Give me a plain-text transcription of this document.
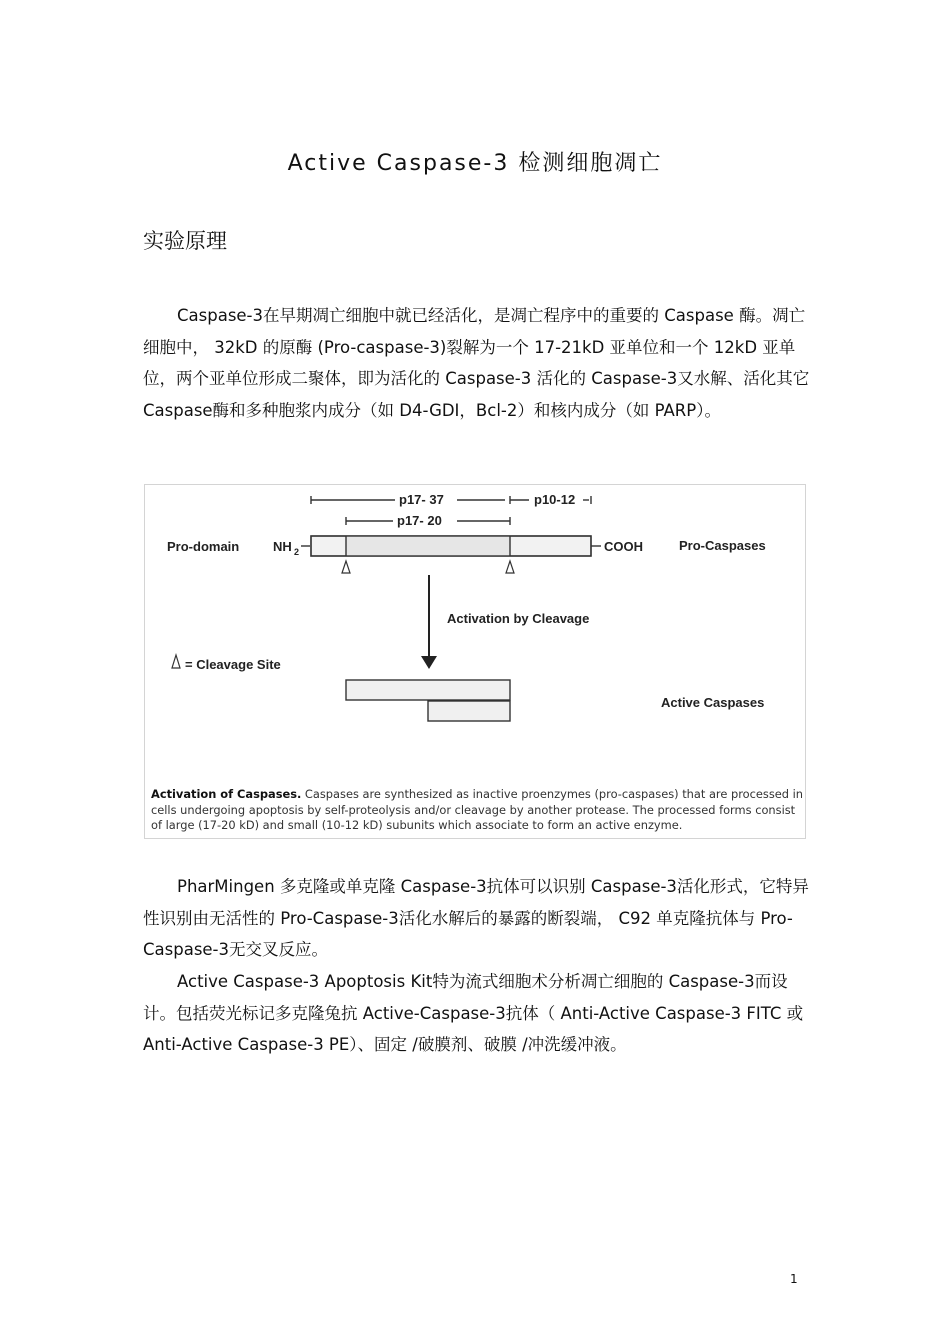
Active Caspase-3 检测细胞凋亡
实验原理

Caspase-3在早期凋亡细胞中就已经活化，是凋亡程序中的重要的 Caspase 酶。凋亡细胞中， 32kD 的原酶 (Pro-caspase-3)裂解为一个 17-21kD 亚单位和一个 12kD 亚单位，两个亚单位形成二聚体，即为活化的 Caspase-3 活化的 Caspase-3又水解、活化其它 Caspase酶和多种胞浆内成分（如 D4-GDI，Bcl-2）和核内成分（如 PARP）。

p17- 37	p10-12
p17- 20
Pro-domain	NH 2	COOH	Pro-Caspases
Activation by Cleavage
= Cleavage Site
Active Caspases
Activation of Caspases. Caspases are synthesized as inactive proenzymes (pro-caspases) that are processed in cells undergoing apoptosis by self-proteolysis and/or cleavage by another protease. The processed forms consist of large (17-20 kD) and small (10-12 kD) subunits which associate to form an active enzyme.

PharMingen 多克隆或单克隆 Caspase-3抗体可以识别 Caspase-3活化形式，它特异性识别由无活性的 Pro-Caspase-3活化水解后的暴露的断裂端， C92 单克隆抗体与 Pro-Caspase-3无交叉反应。

Active Caspase-3 Apoptosis Kit特为流式细胞术分析凋亡细胞的 Caspase-3而设计。包括荧光标记多克隆兔抗 Active-Caspase-3抗体（ Anti-Active Caspase-3 FITC 或 Anti-Active Caspase-3 PE）、固定 /破膜剂、破膜 /冲洗缓冲液。

1
